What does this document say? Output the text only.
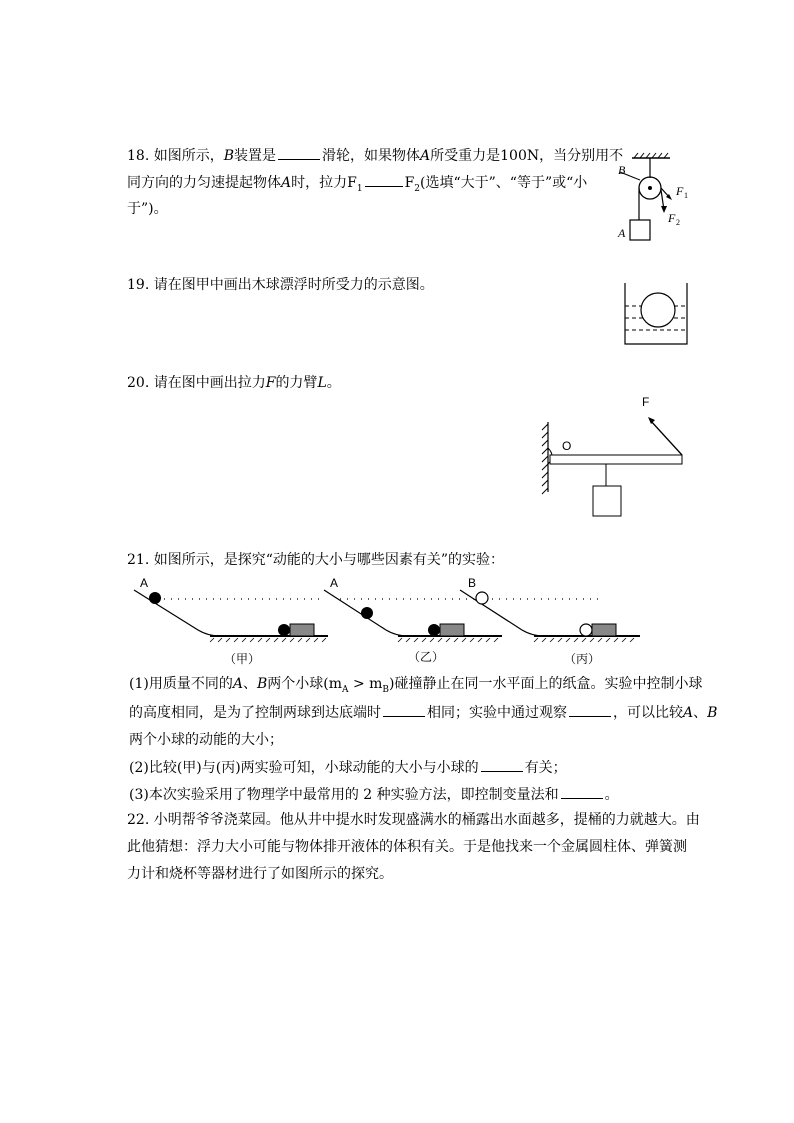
18. 如图所示，B装置是	滑轮，如果物体A所受重力是100N，当分别用不
同方向的力匀速提起物体A时，拉力$F_1$	$F_2$(选填“大于”、“等于”或“小
于”)。
B
A
F 1
F 2
19. 请在图甲中画出木球漂浮时所受力的示意图。
20. 请在图中画出拉力F的力臂L。
F
O
21. 如图所示，是探究“动能的大小与哪些因素有关”的实验：
A
（甲）
A
（乙）
B
（丙）
(1)用质量不同的A、B两个小球$(m_A > m_B)$碰撞静止在同一水平面上的纸盒。实验中控制小球
的高度相同，是为了控制两球到达底端时	相同；实验中通过观察	，可以比较A、B
两个小球的动能的大小；
(2)比较(甲)与(丙)两实验可知，小球动能的大小与小球的	有关；
(3)本次实验采用了物理学中最常用的 2 种实验方法，即控制变量法和	。
22. 小明帮爷爷浇菜园。他从井中提水时发现盛满水的桶露出水面越多，提桶的力就越大。由
此他猜想：浮力大小可能与物体排开液体的体积有关。于是他找来一个金属圆柱体、弹簧测
力计和烧杯等器材进行了如图所示的探究。
